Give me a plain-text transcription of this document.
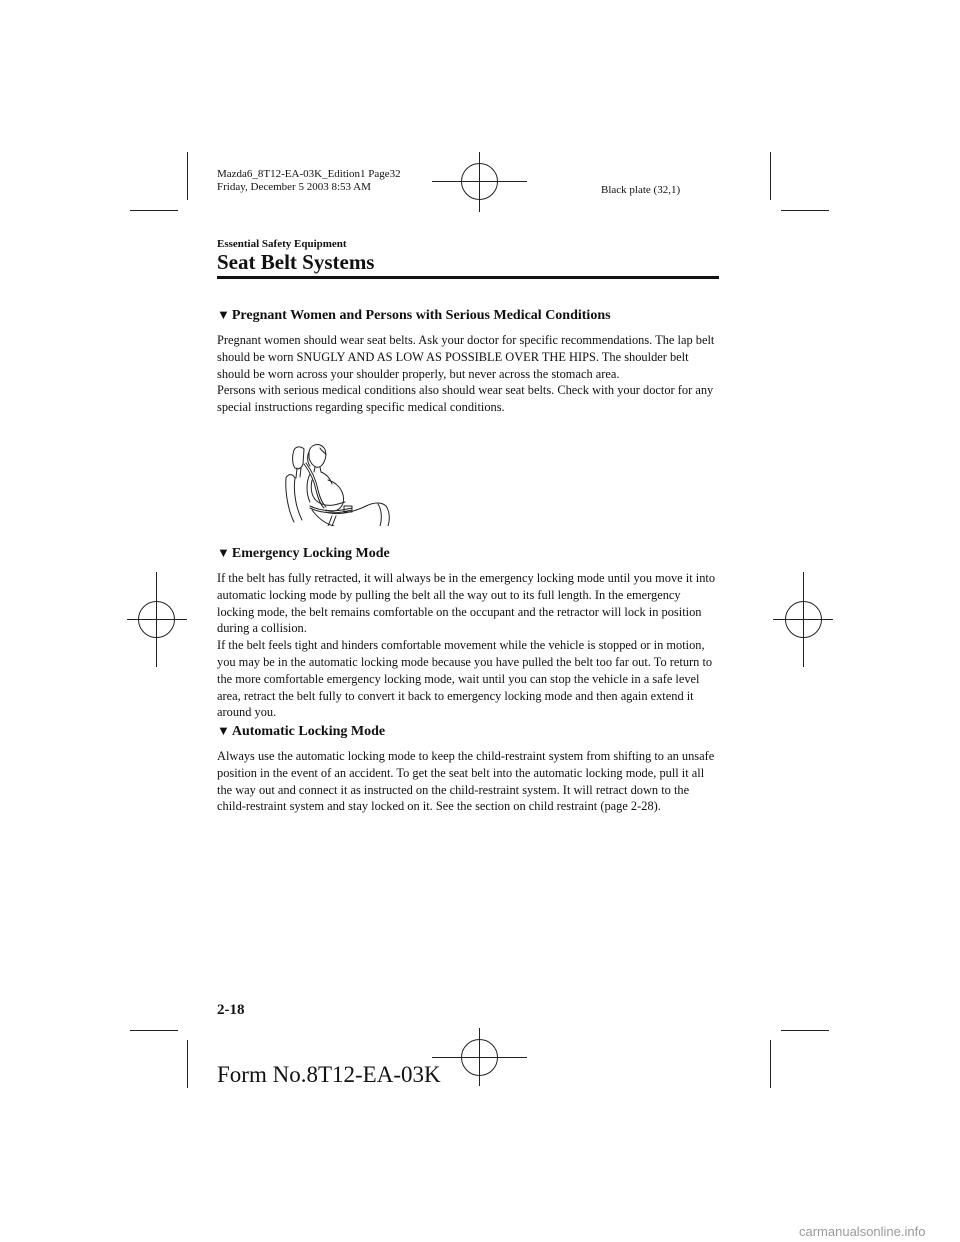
Mazda6_8T12-EA-03K_Edition1 Page32
Friday, December 5 2003 8:53 AM	Black plate (32,1)
Essential Safety Equipment
Seat Belt Systems
▼ Pregnant Women and Persons with Serious Medical Conditions

Pregnant women should wear seat belts. Ask your doctor for specific recommendations. The lap belt should be worn SNUGLY AND AS LOW AS POSSIBLE OVER THE HIPS. The shoulder belt should be worn across your shoulder properly, but never across the stomach area.

Persons with serious medical conditions also should wear seat belts. Check with your doctor for any special instructions regarding specific medical conditions.

▼ Emergency Locking Mode

If the belt has fully retracted, it will always be in the emergency locking mode until you move it into automatic locking mode by pulling the belt all the way out to its full length. In the emergency locking mode, the belt remains comfortable on the occupant and the retractor will lock in position during a collision.

If the belt feels tight and hinders comfortable movement while the vehicle is stopped or in motion, you may be in the automatic locking mode because you have pulled the belt too far out. To return to the more comfortable emergency locking mode, wait until you can stop the vehicle in a safe level area, retract the belt fully to convert it back to emergency locking mode and then again extend it around you.

▼ Automatic Locking Mode

Always use the automatic locking mode to keep the child-restraint system from shifting to an unsafe position in the event of an accident. To get the seat belt into the automatic locking mode, pull it all the way out and connect it as instructed on the child-restraint system. It will retract down to the child-restraint system and stay locked on it. See the section on child restraint (page 2-28).

2-18
Form No.8T12-EA-03K
carmanualsonline.info
